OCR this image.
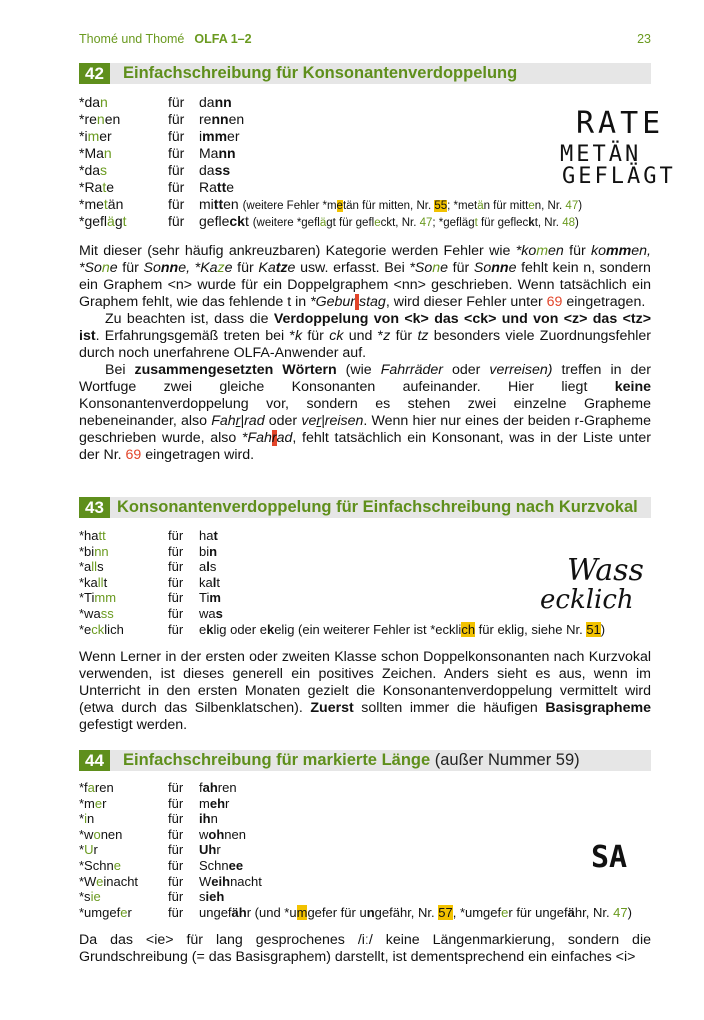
Thomé und Thomé OLFA 1–2	23
42	Einfachschreibung für Konsonantenverdoppelung
*dan	für dann
*renen	für rennen
*imer	für immer
*Man	für Mann
*das	für dass
*Rate	für Ratte
*metän	für mitten (weitere Fehler *metän für mitten, Nr. 55; *metän für mitten, Nr. 47)
*geflägt	für gefleckt (weitere *geflägt für gefleckt, Nr. 47; *geflägt für gefleckt, Nr. 48)
RATE
METÄN
GEFLÄGT

Mit dieser (sehr häufig ankreuzbaren) Kategorie werden Fehler wie *komen für kommen, *Sone für Sonne, *Kaze für Katze usw. erfasst. Bei *Sone für Sonne fehlt kein n, sondern ein Graphem <n> wurde für ein Doppelgraphem <nn> geschrieben. Wenn tatsächlich ein Graphem fehlt, wie das fehlende t in *Gebur stag, wird dieser Fehler unter 69 eingetragen.

Zu beachten ist, dass die Verdoppelung von <k> das <ck> und von <z> das <tz> ist. Erfahrungsgemäß treten bei *k für ck und *z für tz besonders viele Zuordnungsfehler durch noch unerfahrene OLFA-Anwender auf.

Bei zusammengesetzten Wörtern (wie Fahrräder oder verreisen) treffen in der Wortfuge zwei gleiche Konsonanten aufeinander. Hier liegt keine Konsonantenverdoppelung vor, sondern es stehen zwei einzelne Grapheme nebeneinander, also Fahr|rad oder ver|reisen. Wenn hier nur eines der beiden r-Grapheme geschrieben wurde, also *Fahrad, fehlt tatsächlich ein Konsonant, was in der Liste unter der Nr. 69 eingetragen wird.

43 Konsonantenverdoppelung für Einfachschreibung nach Kurzvokal
*hatt	für hat
*binn	für bin
*alls	für als
*kallt	für kalt
*Timm	für Tim
*wass	für was
*ecklich	für eklig oder ekelig (ein weiterer Fehler ist *ecklich für eklig, siehe Nr. 51)
Wass
ecklich

Wenn Lerner in der ersten oder zweiten Klasse schon Doppelkonsonanten nach Kurzvokal verwenden, ist dieses generell ein positives Zeichen. Anders sieht es aus, wenn im Unterricht in den ersten Monaten gezielt die Konsonantenverdoppelung vermittelt wird (etwa durch das Silbenklatschen). Zuerst sollten immer die häufigen Basisgrapheme gefestigt werden.

44	Einfachschreibung für markierte Länge (außer Nummer 59)
*faren	für fahren
*mer	für mehr
*in	für ihn
*wonen	für wohnen
*Ur	für Uhr
*Schne	für Schnee
*Weinacht für Weihnacht
*sie	für sieh
*umgefer	für ungefähr (und *umgefer für ungefähr, Nr. 57, *umgefer für ungefähr, Nr. 47)
SA

Da das <ie> für lang gesprochenes /iː/ keine Längenmarkierung, sondern die Grundschreibung (= das Basisgraphem) darstellt, ist dementsprechend ein einfaches <i>
